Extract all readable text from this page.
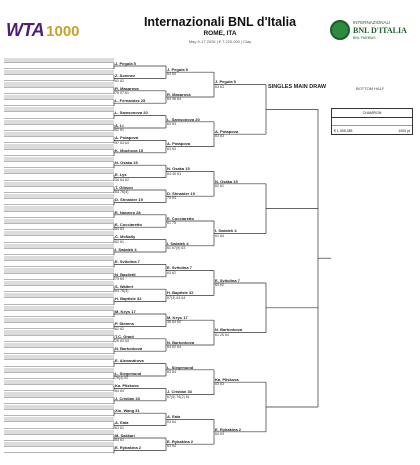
WTA 1000
Internazionali BNL d'Italia
ROME, ITA
May 5-17 2026 | € 7,220,000 | Clay
INTERNAZIONALI
BNL D'ITALIA
BNL PARIBAS
SINGLES MAIN DRAW	BOTTOM HALF
CHAMPION
€ 1,055,385	1000 pt
J. Pegula 5
Z. Sonmez
63 62
R. Masarova
75 57 61
L. Fernandez 25
L. Samsonova 20
A. Li
62 61
A. Potapova
57 63 64
K. Muchova 15
N. Osaka 15
E. Lys
36 64 62
T. Gibson
64 76(4)
D. Shnaider 19
E. Navarro 28
E. Cocciaretto
64 63
C. McNally
62 61
I. Swiatek 4
E. Svitolina 7
N. Basiletti
75 64
S. Waltert
64 76(3)
H. Baptiste 32
M. Keys 17
P. Stearns
62 62
T.C. Grant
26 63 64
N. Bartunkova
E. Alexandrova
L. Siegemund
76(4) 62
Ka. Pliskova
64 64
J. Cristian 23
Xin. Wang 31
A. Eala
63 61
M. Sakkari
64 61
E. Rybakina 2
J. Pegula 5
64 60
R. Masarova
64 36 64
L. Samsonova 20
63 63
A. Potapova
63 63
N. Osaka 15
64 46 63
D. Shnaider 19
75 63
E. Cocciaretto
61 75
I. Swiatek 4
61 67(5) 63
E. Svitolina 7
63 62
H. Baptiste 32
67(3) 64 64
M. Keys 17
36 64 62
N. Bartunkova
64 62 64
L. Siegemund
63 64
J. Cristian 33
67(5) 76(2) 61
A. Eala
63 64
E. Rybakina 2
63 64
J. Pegula 5
63 63
A. Potapova
63 63
N. Osaka 15
62 61
I. Swiatek 4
61 64
E. Svitolina 7
63 62
N. Bartunkova
61 26 64
Ka. Pliskova
63 63
E. Rybakina 2
64 63
